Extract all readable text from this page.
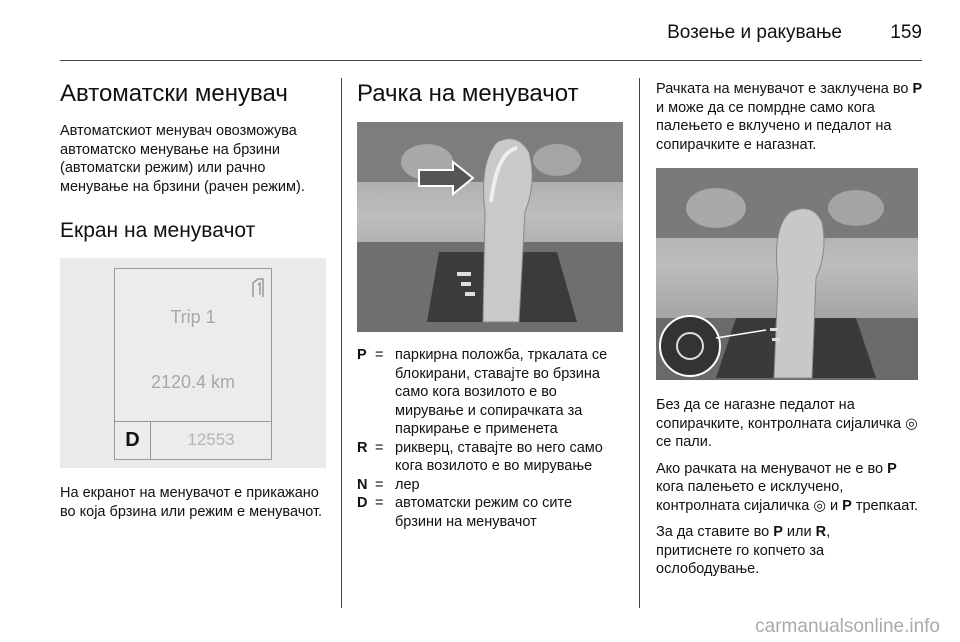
Возење и ракување	159
Автоматски менувач

Автоматскиот менувач овозможува автоматско менување на брзини (автоматски режим) или рачно менување на брзини (рачен режим).

Екран на менувачот
Trip 1
2120.4 km
D	12553

На екранот на менувачот е прикажано во која брзина или режим е менувачот.

Рачка на менувачот
P = паркирна положба, тркалата се блокирани, ставајте во брзина само кога возилото е во мирување и сопирачката за паркирање е применета
R = рикверц, ставајте во него само кога возилото е во мирување
N = лер
D = автоматски режим со сите брзини на менувачот

Рачката на менувачот е заклучена во P и може да се помрдне само кога палењето е вклучено и педалот на сопирачките е нагазнат.

Без да се нагазне педалот на сопирачките, контролната сијаличка ◎ се пали.

Ако рачката на менувачот не е во P кога палењето е исклучено, контролната сијаличка ◎ и P трепкаат.

За да ставите во P или R,
притиснете го копчето за ослободување.

carmanualsonline.info
